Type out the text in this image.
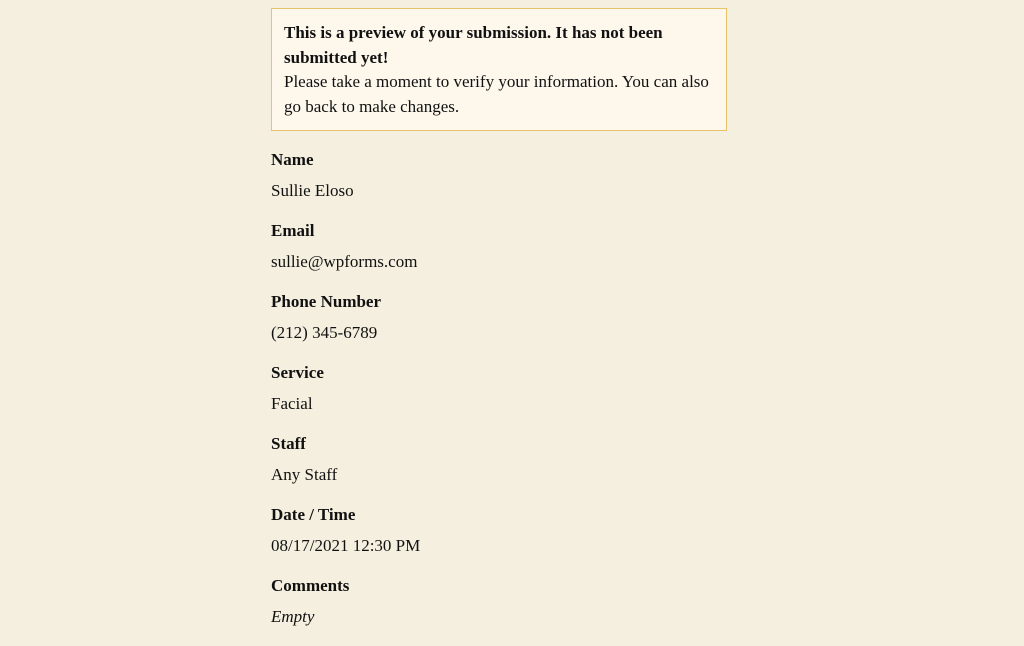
This is a preview of your submission. It has not been submitted yet!
Please take a moment to verify your information. You can also go back to make changes.
Name
Sullie Eloso
Email
sullie@wpforms.com
Phone Number
(212) 345-6789
Service
Facial
Staff
Any Staff
Date / Time
08/17/2021 12:30 PM
Comments
Empty
